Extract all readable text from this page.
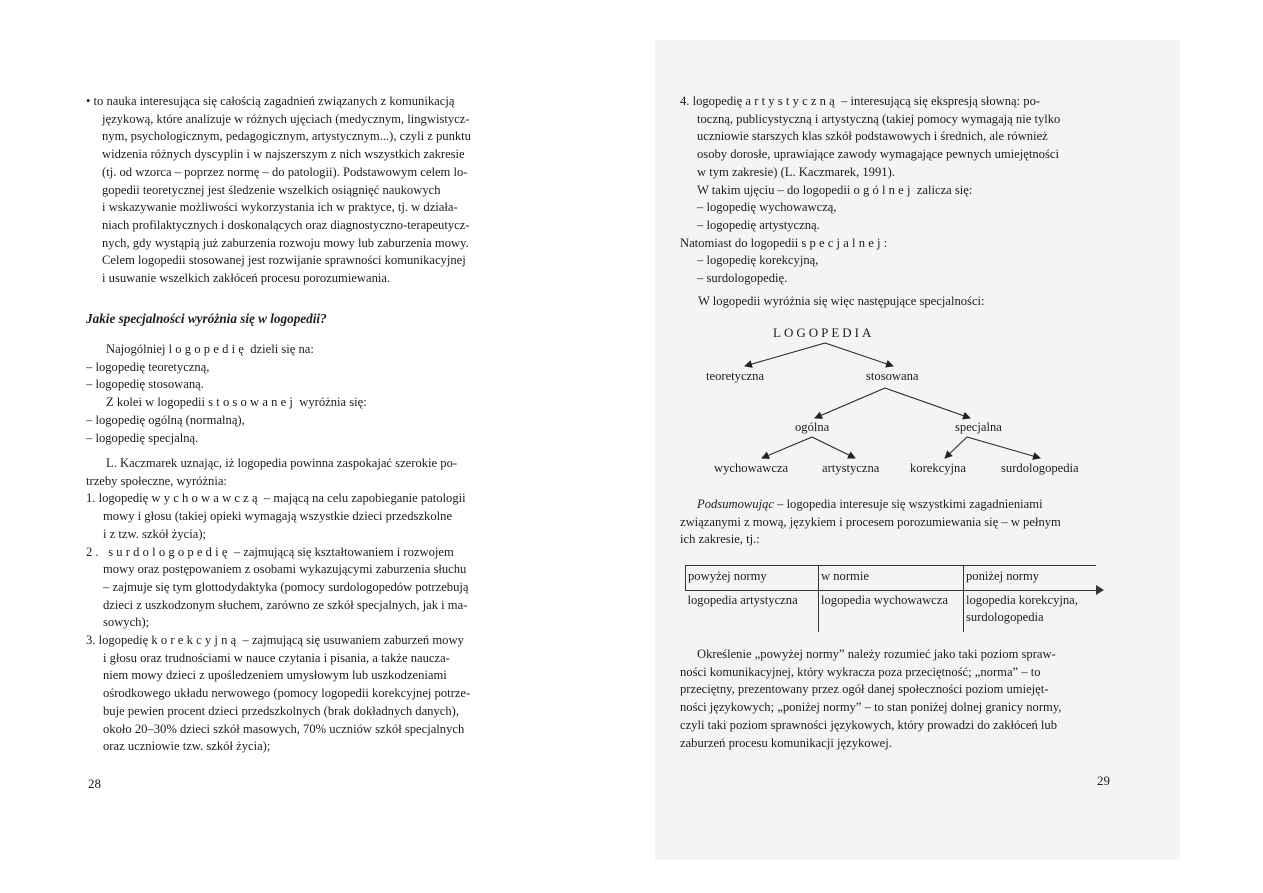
• to nauka interesująca się całością zagadnień związanych z komunikacją
językową, które analizuje w różnych ujęciach (medycznym, lingwistycz-
nym, psychologicznym, pedagogicznym, artystycznym...), czyli z punktu
widzenia różnych dyscyplin i w najszerszym z nich wszystkich zakresie
(tj. od wzorca – poprzez normę – do patologii). Podstawowym celem lo-
gopedii teoretycznej jest śledzenie wszelkich osiągnięć naukowych
i wskazywanie możliwości wykorzystania ich w praktyce, tj. w działa-
niach profilaktycznych i doskonalących oraz diagnostyczno-terapeutycz-
nych, gdy wystąpią już zaburzenia rozwoju mowy lub zaburzenia mowy.
Celem logopedii stosowanej jest rozwijanie sprawności komunikacyjnej
i usuwanie wszelkich zakłóceń procesu porozumiewania.
Jakie specjalności wyróżnia się w logopedii?
Najogólniej logopedię dzieli się na:
– logopedię teoretyczną,
– logopedię stosowaną.
Z kolei w logopedii stosowanej wyróżnia się:
– logopedię ogólną (normalną),
– logopedię specjalną.
L. Kaczmarek uznając, iż logopedia powinna zaspokajać szerokie po-
trzeby społeczne, wyróżnia:
1. logopedię wychowawczą – mającą na celu zapobieganie patologii
mowy i głosu (takiej opieki wymagają wszystkie dzieci przedszkolne
i z tzw. szkół życia);
2. surdologopedię – zajmującą się kształtowaniem i rozwojem
mowy oraz postępowaniem z osobami wykazującymi zaburzenia słuchu
– zajmuje się tym glottodydaktyka (pomocy surdologopedów potrzebują
dzieci z uszkodzonym słuchem, zarówno ze szkół specjalnych, jak i ma-
sowych);
3. logopedię korekcyjną – zajmującą się usuwaniem zaburzeń mowy
i głosu oraz trudnościami w nauce czytania i pisania, a także naucza-
niem mowy dzieci z upośledzeniem umysłowym lub uszkodzeniami
ośrodkowego układu nerwowego (pomocy logopedii korekcyjnej potrze-
buje pewien procent dzieci przedszkolnych (brak dokładnych danych),
około 20–30% dzieci szkół masowych, 70% uczniów szkół specjalnych
oraz uczniowie tzw. szkół życia);
28
4. logopedię artystyczną – interesującą się ekspresją słowną: po-
toczną, publicystyczną i artystyczną (takiej pomocy wymagają nie tylko
uczniowie starszych klas szkół podstawowych i średnich, ale również
osoby dorosłe, uprawiające zawody wymagające pewnych umiejętności
w tym zakresie) (L. Kaczmarek, 1991).
W takim ujęciu – do logopedii ogólnej zalicza się:
– logopedię wychowawczą,
– logopedię artystyczną.
Natomiast do logopedii specjalnej:
– logopedię korekcyjną,
– surdologopedię.
W logopedii wyróżnia się więc następujące specjalności:
LOGOPEDIA
teoretyczna	stosowana
ogólna	specjalna
wychowawcza	artystyczna korekcyjna	surdologopedia
Podsumowując – logopedia interesuje się wszystkimi zagadnieniami
związanymi z mową, językiem i procesem porozumiewania się – w pełnym
ich zakresie, tj.:
powyżej normy	w normie	poniżej normy
logopedia artystyczna	logopedia wychowawcza	logopedia korekcyjna,
surdologopedia
Określenie „powyżej normy” należy rozumieć jako taki poziom spraw-
ności komunikacyjnej, który wykracza poza przeciętność; „norma” – to
przeciętny, prezentowany przez ogół danej społeczności poziom umiejęt-
ności językowych; „poniżej normy” – to stan poniżej dolnej granicy normy,
czyli taki poziom sprawności językowych, który prowadzi do zakłóceń lub
zaburzeń procesu komunikacji językowej.
29
